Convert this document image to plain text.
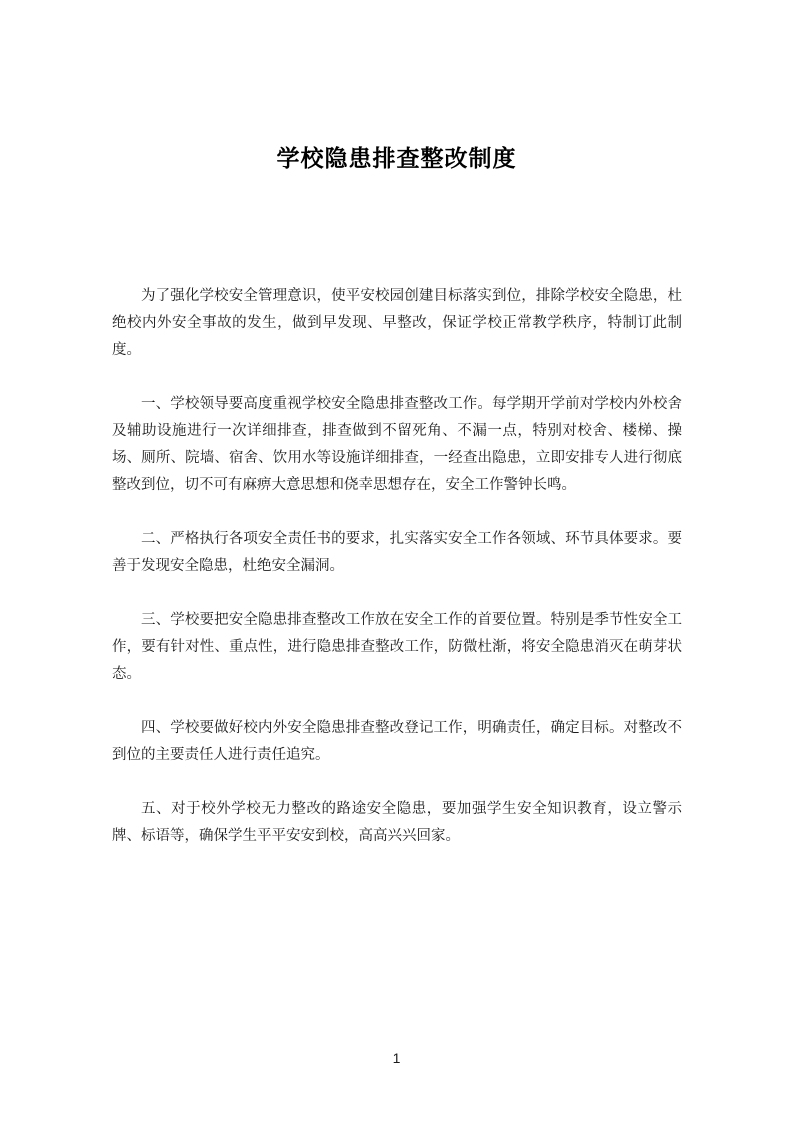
学校隐患排查整改制度

为了强化学校安全管理意识，使平安校园创建目标落实到位，排除学校安全隐患，杜绝校内外安全事故的发生，做到早发现、早整改，保证学校正常教学秩序，特制订此制度。

一、学校领导要高度重视学校安全隐患排查整改工作。每学期开学前对学校内外校舍及辅助设施进行一次详细排查，排查做到不留死角、不漏一点，特别对校舍、楼梯、操场、厕所、院墙、宿舍、饮用水等设施详细排查，一经查出隐患，立即安排专人进行彻底整改到位，切不可有麻痹大意思想和侥幸思想存在，安全工作警钟长鸣。

二、严格执行各项安全责任书的要求，扎实落实安全工作各领域、环节具体要求。要善于发现安全隐患，杜绝安全漏洞。

三、学校要把安全隐患排查整改工作放在安全工作的首要位置。特别是季节性安全工作，要有针对性、重点性，进行隐患排查整改工作，防微杜渐，将安全隐患消灭在萌芽状态。

四、学校要做好校内外安全隐患排查整改登记工作，明确责任，确定目标。对整改不到位的主要责任人进行责任追究。

五、对于校外学校无力整改的路途安全隐患，要加强学生安全知识教育，设立警示牌、标语等，确保学生平平安安到校，高高兴兴回家。

1
